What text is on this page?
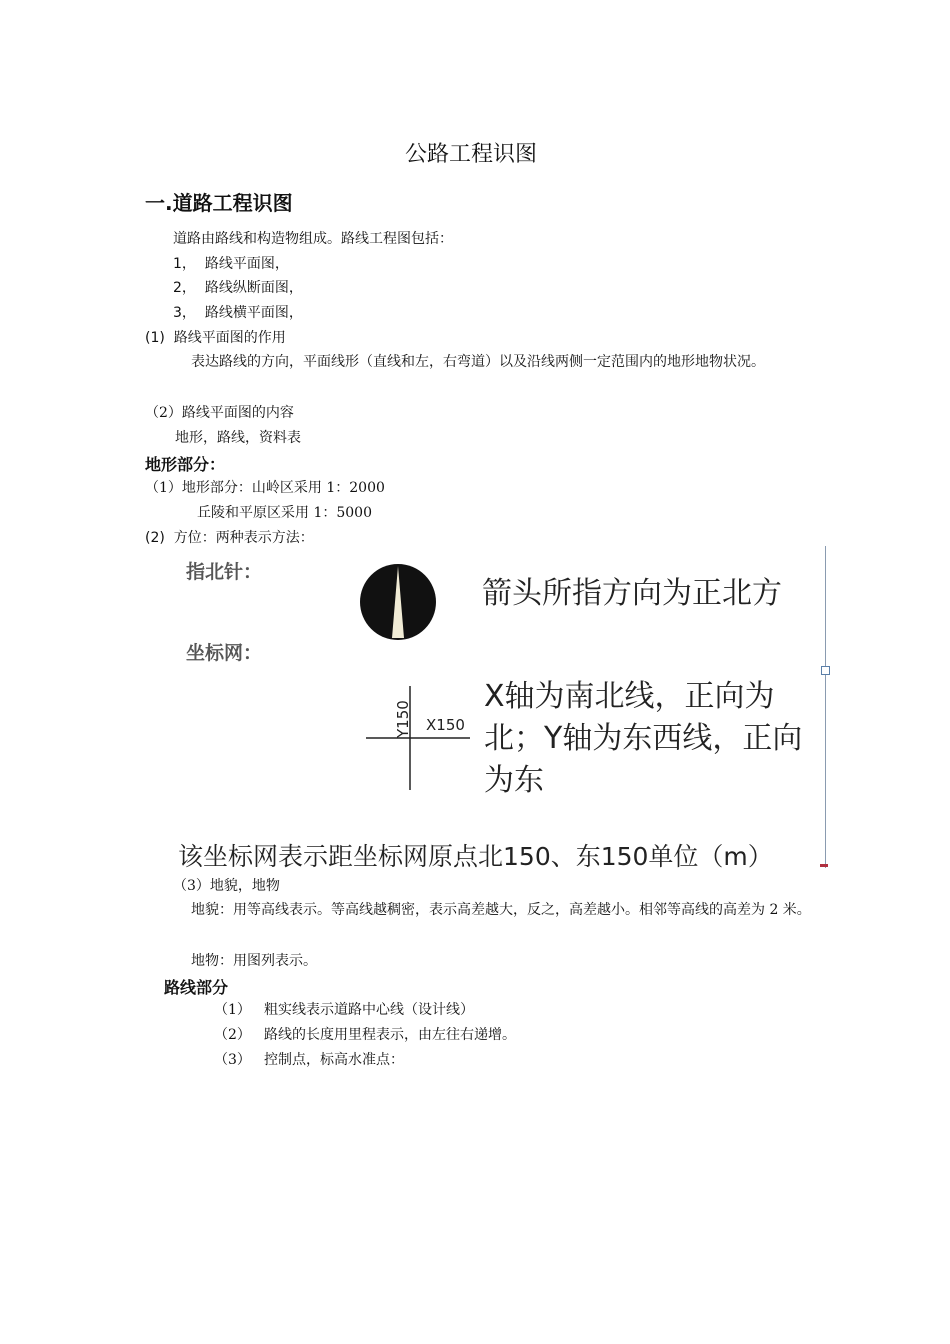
公路工程识图
一.道路工程识图
道路由路线和构造物组成。路线工程图包括：
1， 路线平面图，
2， 路线纵断面图，
3， 路线横平面图，
(1) 路线平面图的作用
表达路线的方向，平面线形（直线和左，右弯道）以及沿线两侧一定范围内的地形地物状况。
（2）路线平面图的内容
地形，路线，资料表
地形部分：
（1）地形部分：山岭区采用 1：2000
丘陵和平原区采用 1：5000
(2) 方位：两种表示方法：
指北针：
箭头所指方向为正北方
坐标网：
Y150 X150
X轴为南北线，正向为北；Y轴为东西线，正向为东
该坐标网表示距坐标网原点北150、东150单位（m）
（3）地貌，地物
地貌：用等高线表示。等高线越稠密，表示高差越大，反之，高差越小。相邻等高线的高差为 2 米。
地物：用图列表示。
路线部分
（1） 粗实线表示道路中心线（设计线）
（2） 路线的长度用里程表示，由左往右递增。
（3） 控制点，标高水准点：
